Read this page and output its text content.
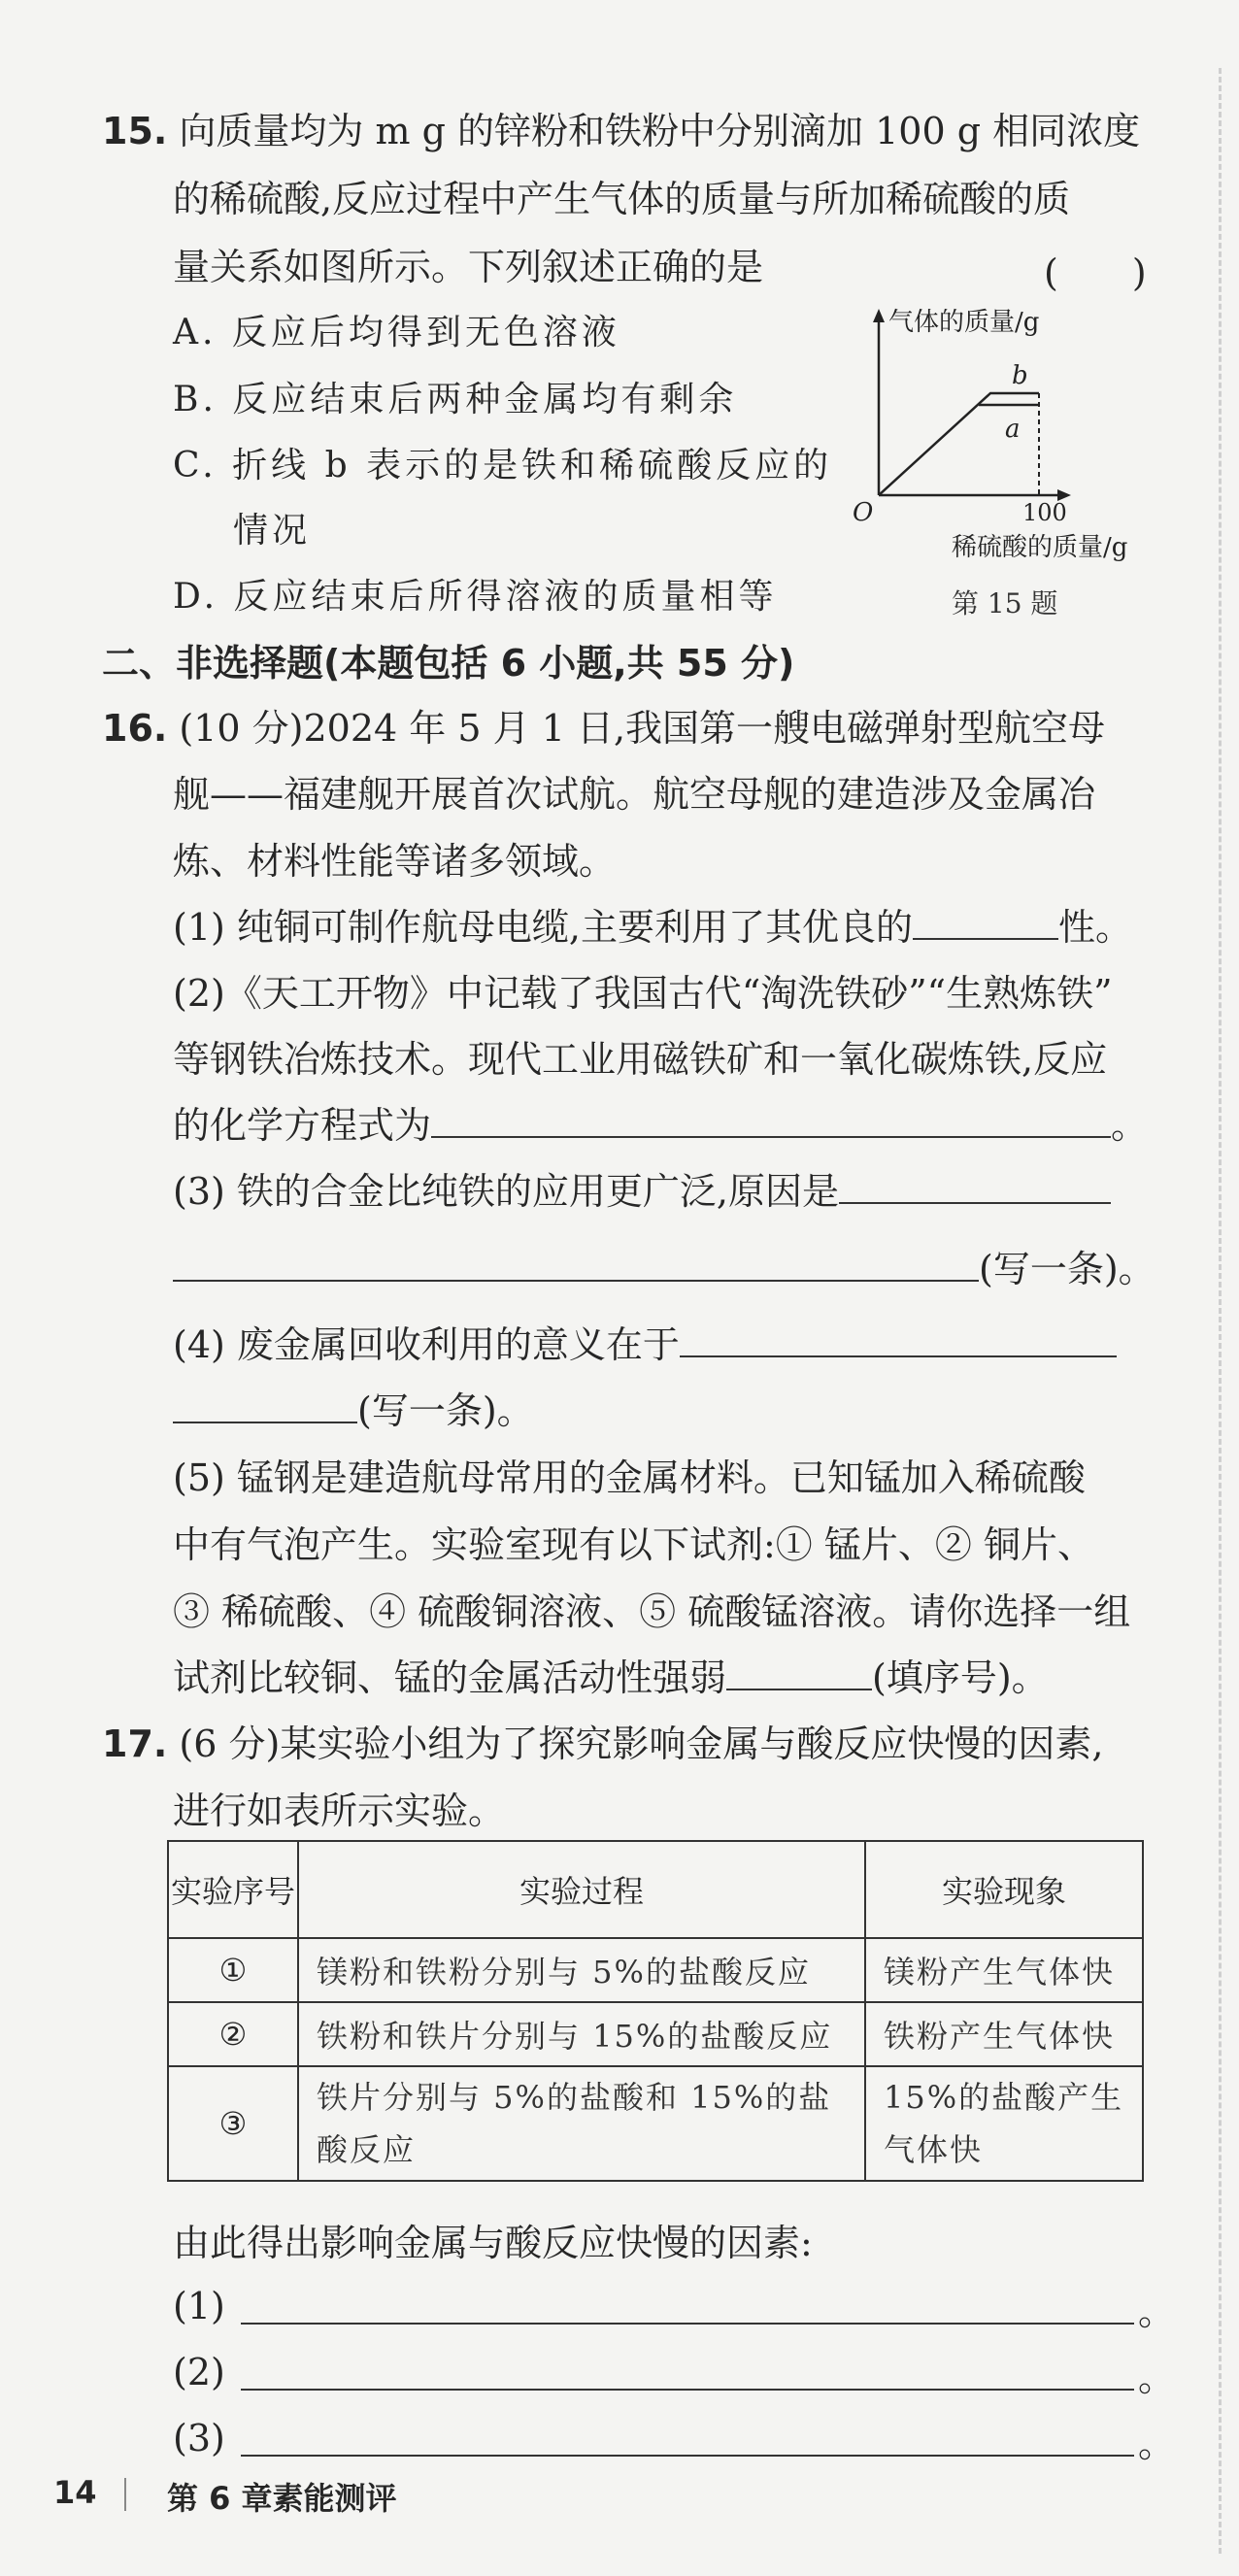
15. 向质量均为 m g 的锌粉和铁粉中分别滴加 100 g 相同浓度
的稀硫酸,反应过程中产生气体的质量与所加稀硫酸的质
量关系如图所示。下列叙述正确的是	(　　)
A. 反应后均得到无色溶液
B. 反应结束后两种金属均有剩余
C. 折线 b 表示的是铁和稀硫酸反应的
情况
D. 反应结束后所得溶液的质量相等
气体的质量/g
b
a
O	100
稀硫酸的质量/g
第 15 题
二、非选择题(本题包括 6 小题,共 55 分)
16. (10 分)2024 年 5 月 1 日,我国第一艘电磁弹射型航空母
舰——福建舰开展首次试航。航空母舰的建造涉及金属冶
炼、材料性能等诸多领域。
(1) 纯铜可制作航母电缆,主要利用了其优良的	性。
(2)《天工开物》中记载了我国古代“淘洗铁砂”“生熟炼铁”
等钢铁冶炼技术。现代工业用磁铁矿和一氧化碳炼铁,反应
的化学方程式为	。
(3) 铁的合金比纯铁的应用更广泛,原因是
(写一条)。
(4) 废金属回收利用的意义在于
(写一条)。
(5) 锰钢是建造航母常用的金属材料。已知锰加入稀硫酸
中有气泡产生。实验室现有以下试剂:① 锰片、② 铜片、
③ 稀硫酸、④ 硫酸铜溶液、⑤ 硫酸锰溶液。请你选择一组
试剂比较铜、锰的金属活动性强弱	(填序号)。
17. (6 分)某实验小组为了探究影响金属与酸反应快慢的因素,
进行如表所示实验。
实验序号	实验过程	实验现象
①	镁粉和铁粉分别与 5%的盐酸反应	镁粉产生气体快
②	铁粉和铁片分别与 15%的盐酸反应	铁粉产生气体快
③	铁片分别与 5%的盐酸和 15%的盐酸反应	15%的盐酸产生气体快
由此得出影响金属与酸反应快慢的因素:
(1)	。
(2)	。
(3)	。
14 第 6 章素能测评
